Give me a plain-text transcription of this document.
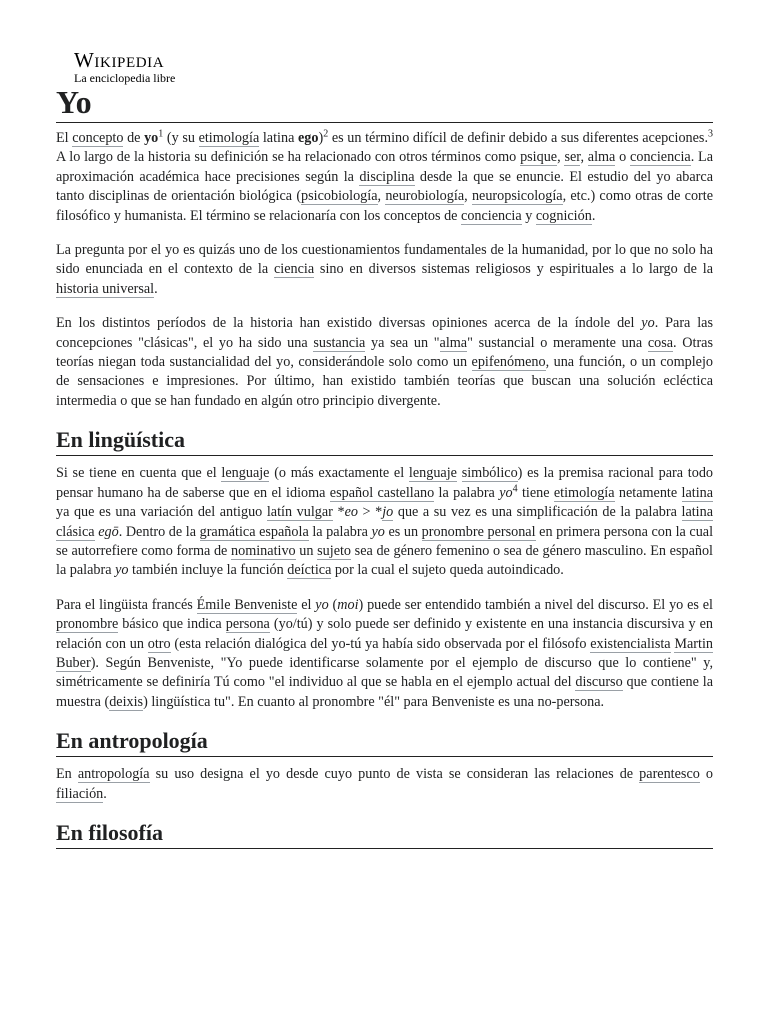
Wikipedia
La enciclopedia libre
Yo

El concepto de $yo^1$ (y su etimología latina ego)$^2$ es un término difícil de definir debido a sus diferentes acepciones.$^3$ A lo largo de la historia su definición se ha relacionado con otros términos como psique, ser, alma o conciencia. La aproximación académica hace precisiones según la disciplina desde la que se enuncie. El estudio del yo abarca tanto disciplinas de orientación biológica (psicobiología, neurobiología, neuropsicología, etc.) como otras de corte filosófico y humanista. El término se relacionaría con los conceptos de conciencia y cognición.

La pregunta por el yo es quizás uno de los cuestionamientos fundamentales de la humanidad, por lo que no solo ha sido enunciada en el contexto de la ciencia sino en diversos sistemas religiosos y espirituales a lo largo de la historia universal.

En los distintos períodos de la historia han existido diversas opiniones acerca de la índole del yo. Para las concepciones "clásicas", el yo ha sido una sustancia ya sea un "alma" sustancial o meramente una cosa. Otras teorías niegan toda sustancialidad del yo, considerándole solo como un epifenómeno, una función, o un complejo de sensaciones e impresiones. Por último, han existido también teorías que buscan una solución ecléctica intermedia o que se han fundado en algún otro principio divergente.

En lingüística

Si se tiene en cuenta que el lenguaje (o más exactamente el lenguaje simbólico) es la premisa racional para todo pensar humano ha de saberse que en el idioma español castellano la palabra $yo^4$ tiene etimología netamente latina ya que es una variación del antiguo latín vulgar *eo > *jo que a su vez es una simplificación de la palabra latina clásica egō. Dentro de la gramática española la palabra yo es un pronombre personal en primera persona con la cual se autorrefiere como forma de nominativo un sujeto sea de género femenino o sea de género masculino. En español la palabra yo también incluye la función deíctica por la cual el sujeto queda autoindicado.

Para el lingüista francés Émile Benveniste el yo (moi) puede ser entendido también a nivel del discurso. El yo es el pronombre básico que indica persona (yo/tú) y solo puede ser definido y existente en una instancia discursiva y en relación con un otro (esta relación dialógica del yo-tú ya había sido observada por el filósofo existencialista Martin Buber). Según Benveniste, "Yo puede identificarse solamente por el ejemplo de discurso que lo contiene" y, simétricamente se definiría Tú como "el individuo al que se habla en el ejemplo actual del discurso que contiene la muestra (deixis) lingüística tu". En cuanto al pronombre "él" para Benveniste es una no-persona.

En antropología

En antropología su uso designa el yo desde cuyo punto de vista se consideran las relaciones de parentesco o filiación.

En filosofía
